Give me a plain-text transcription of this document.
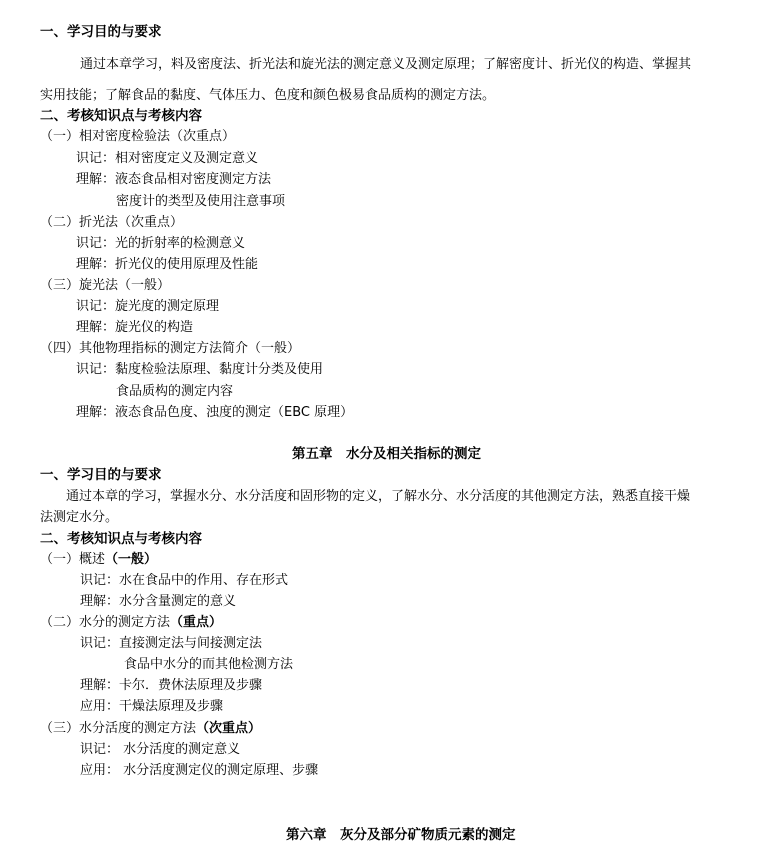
一、学习目的与要求
通过本章学习，料及密度法、折光法和旋光法的测定意义及测定原理；了解密度计、折光仪的构造、掌握其
实用技能；了解食品的黏度、气体压力、色度和颜色极易食品质构的测定方法。
二、考核知识点与考核内容
（一）相对密度检验法（次重点）
识记：相对密度定义及测定意义
理解：液态食品相对密度测定方法
密度计的类型及使用注意事项
（二）折光法（次重点）
识记：光的折射率的检测意义
理解：折光仪的使用原理及性能
（三）旋光法（一般）
识记：旋光度的测定原理
理解：旋光仪的构造
（四）其他物理指标的测定方法简介（一般）
识记：黏度检验法原理、黏度计分类及使用
食品质构的测定内容
理解：液态食品色度、浊度的测定（EBC 原理）
第五章　水分及相关指标的测定
一、学习目的与要求
通过本章的学习，掌握水分、水分活度和固形物的定义，了解水分、水分活度的其他测定方法，熟悉直接干燥
法测定水分。
二、考核知识点与考核内容
（一）概述（一般）
识记：水在食品中的作用、存在形式
理解：水分含量测定的意义
（二）水分的测定方法（重点）
识记：直接测定法与间接测定法
食品中水分的而其他检测方法
理解：卡尔．费休法原理及步骤
应用：干燥法原理及步骤
（三）水分活度的测定方法（次重点）
识记： 水分活度的测定意义
应用： 水分活度测定仪的测定原理、步骤
第六章　灰分及部分矿物质元素的测定
